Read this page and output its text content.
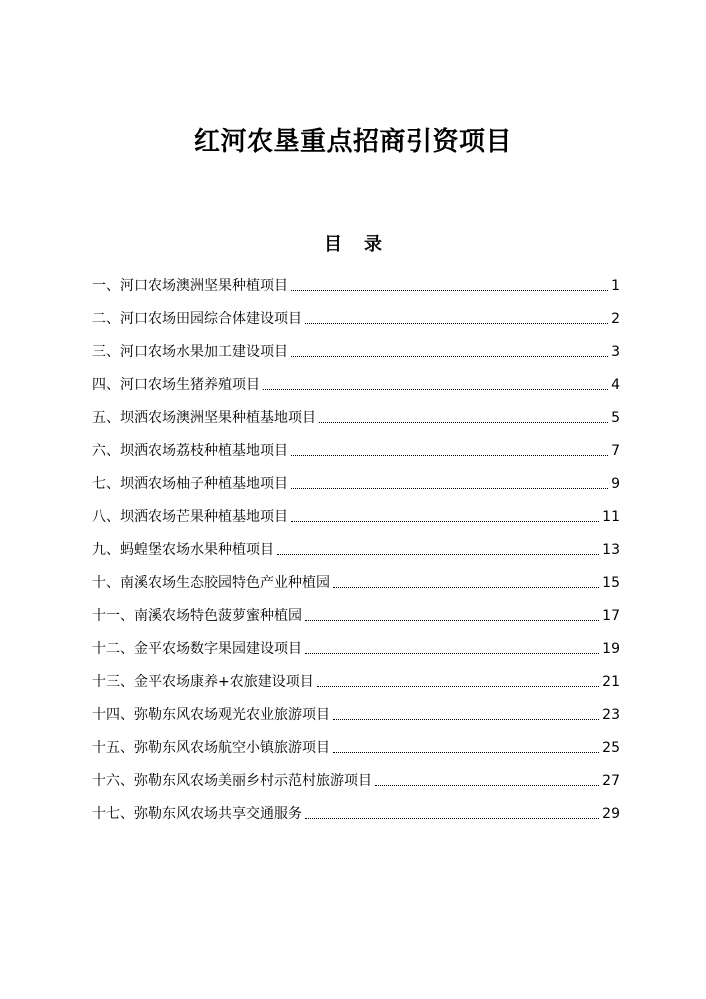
红河农垦重点招商引资项目
目 录
一、河口农场澳洲坚果种植项目	1
二、河口农场田园综合体建设项目	2
三、河口农场水果加工建设项目	3
四、河口农场生猪养殖项目	4
五、坝洒农场澳洲坚果种植基地项目	5
六、坝洒农场荔枝种植基地项目	7
七、坝洒农场柚子种植基地项目	9
八、坝洒农场芒果种植基地项目	11
九、蚂蝗堡农场水果种植项目	13
十、南溪农场生态胶园特色产业种植园	15
十一、南溪农场特色菠萝蜜种植园	17
十二、金平农场数字果园建设项目	19
十三、金平农场康养+农旅建设项目	21
十四、弥勒东风农场观光农业旅游项目	23
十五、弥勒东风农场航空小镇旅游项目	25
十六、弥勒东风农场美丽乡村示范村旅游项目	27
十七、弥勒东风农场共享交通服务	29
